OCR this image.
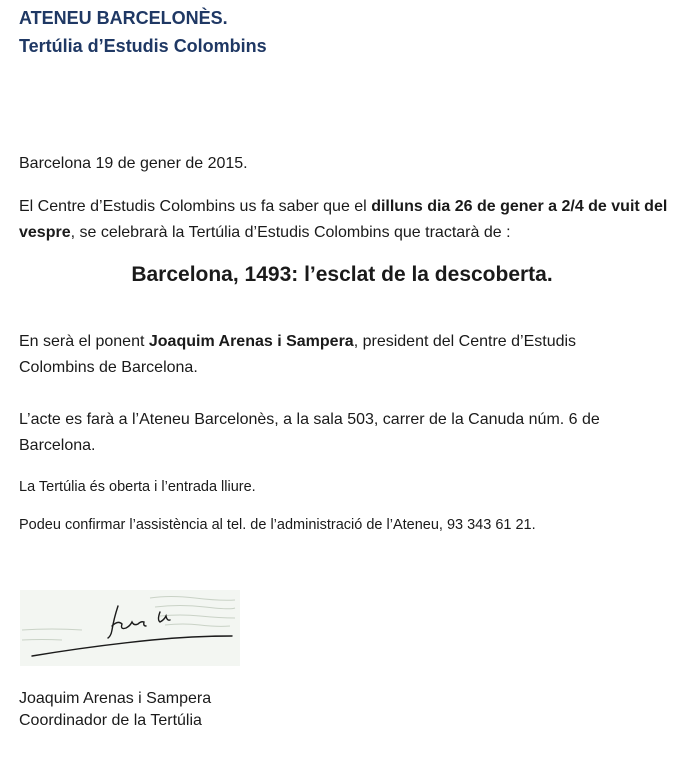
ATENEU BARCELONÈS.
Tertúlia d’Estudis Colombins
Barcelona 19 de gener de 2015.
El Centre d’Estudis Colombins us fa saber que el dilluns dia 26 de gener a 2/4 de vuit del
vespre, se celebrarà la Tertúlia d’Estudis Colombins que tractarà de :
Barcelona, 1493: l’esclat de la descoberta.
En serà el ponent Joaquim Arenas i Sampera, president del Centre d’Estudis
Colombins de Barcelona.
L’acte es farà a l’Ateneu Barcelonès, a la sala 503, carrer de la Canuda núm. 6 de
Barcelona.
La Tertúlia és oberta i l’entrada lliure.
Podeu confirmar l’assistència al tel. de l’administració de l’Ateneu, 93 343 61 21.
Joaquim Arenas i Sampera
Coordinador de la Tertúlia
